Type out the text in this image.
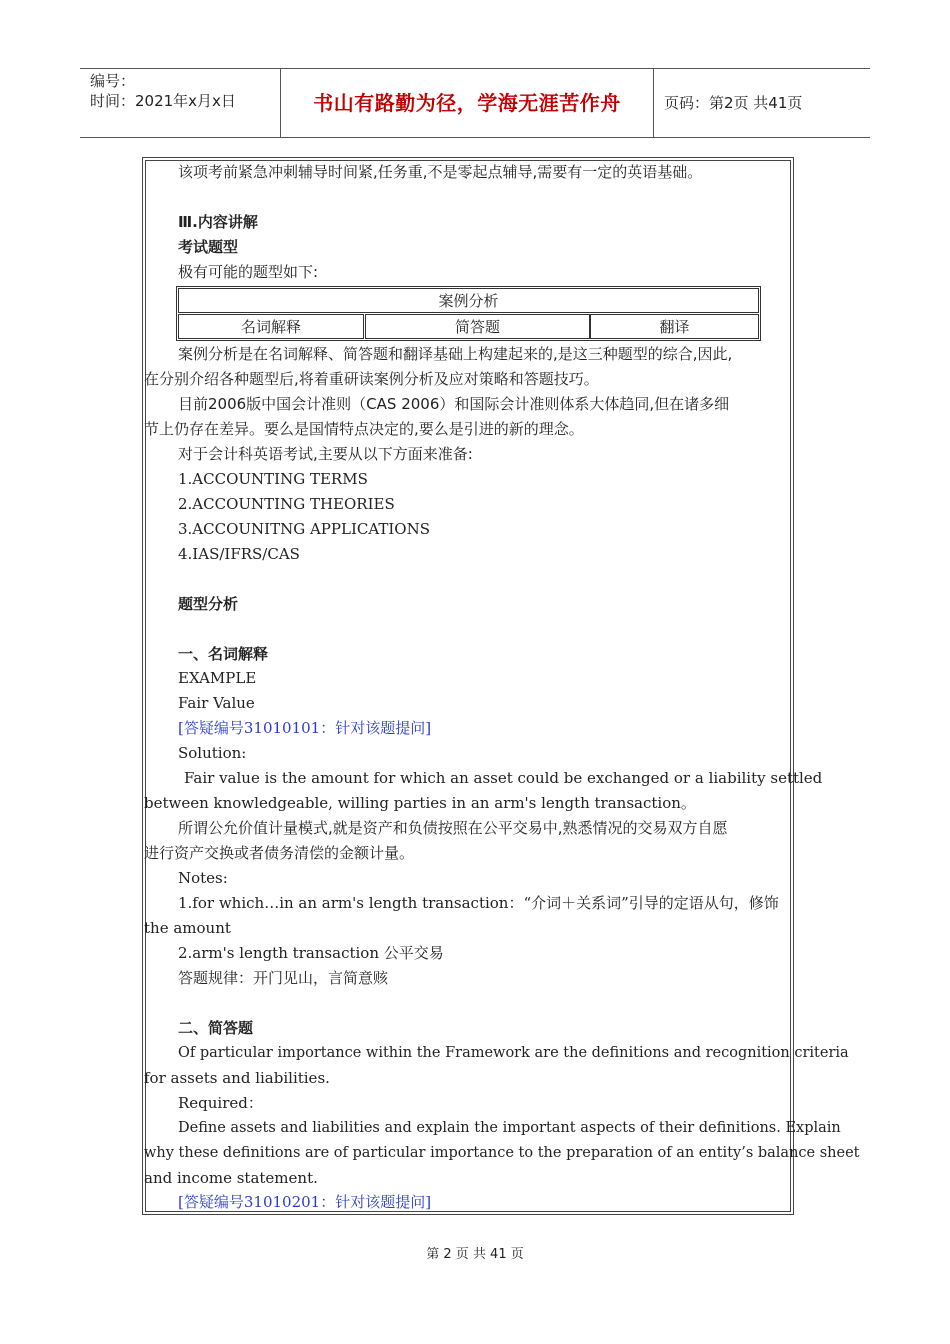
编号：
时间：2021年x月x日	书山有路勤为径，学海无涯苦作舟	页码：第2页 共41页
该项考前紧急冲刺辅导时间紧,任务重,不是零起点辅导,需要有一定的英语基础。
Ⅲ.内容讲解
考试题型
极有可能的题型如下:
案例分析
名词解释	简答题	翻译
案例分析是在名词解释、简答题和翻译基础上构建起来的,是这三种题型的综合,因此,
在分别介绍各种题型后,将着重研读案例分析及应对策略和答题技巧。
目前2006版中国会计准则（CAS 2006）和国际会计准则体系大体趋同,但在诸多细
节上仍存在差异。要么是国情特点决定的,要么是引进的新的理念。
对于会计科英语考试,主要从以下方面来准备:
1.ACCOUNTING TERMS
2.ACCOUNTING THEORIES
3.ACCOUNITNG APPLICATIONS
4.IAS/IFRS/CAS
题型分析
一、名词解释
EXAMPLE
Fair Value
[答疑编号31010101：针对该题提问]
Solution:
Fair value is the amount for which an asset could be exchanged or a liability settled
between knowledgeable, willing parties in an arm's length transaction。
所谓公允价值计量模式,就是资产和负债按照在公平交易中,熟悉情况的交易双方自愿
进行资产交换或者债务清偿的金额计量。
Notes:
1.for which…in an arm's length transaction：“介词＋关系词”引导的定语从句，修饰
the amount
2.arm's length transaction 公平交易
答题规律：开门见山，言简意赅
二、简答题
Of particular importance within the Framework are the definitions and recognition criteria
for assets and liabilities.
Required：
Define assets and liabilities and explain the important aspects of their definitions. Explain
why these definitions are of particular importance to the preparation of an entity’s balance sheet
and income statement.
[答疑编号31010201：针对该题提问]
第 2 页 共 41 页
